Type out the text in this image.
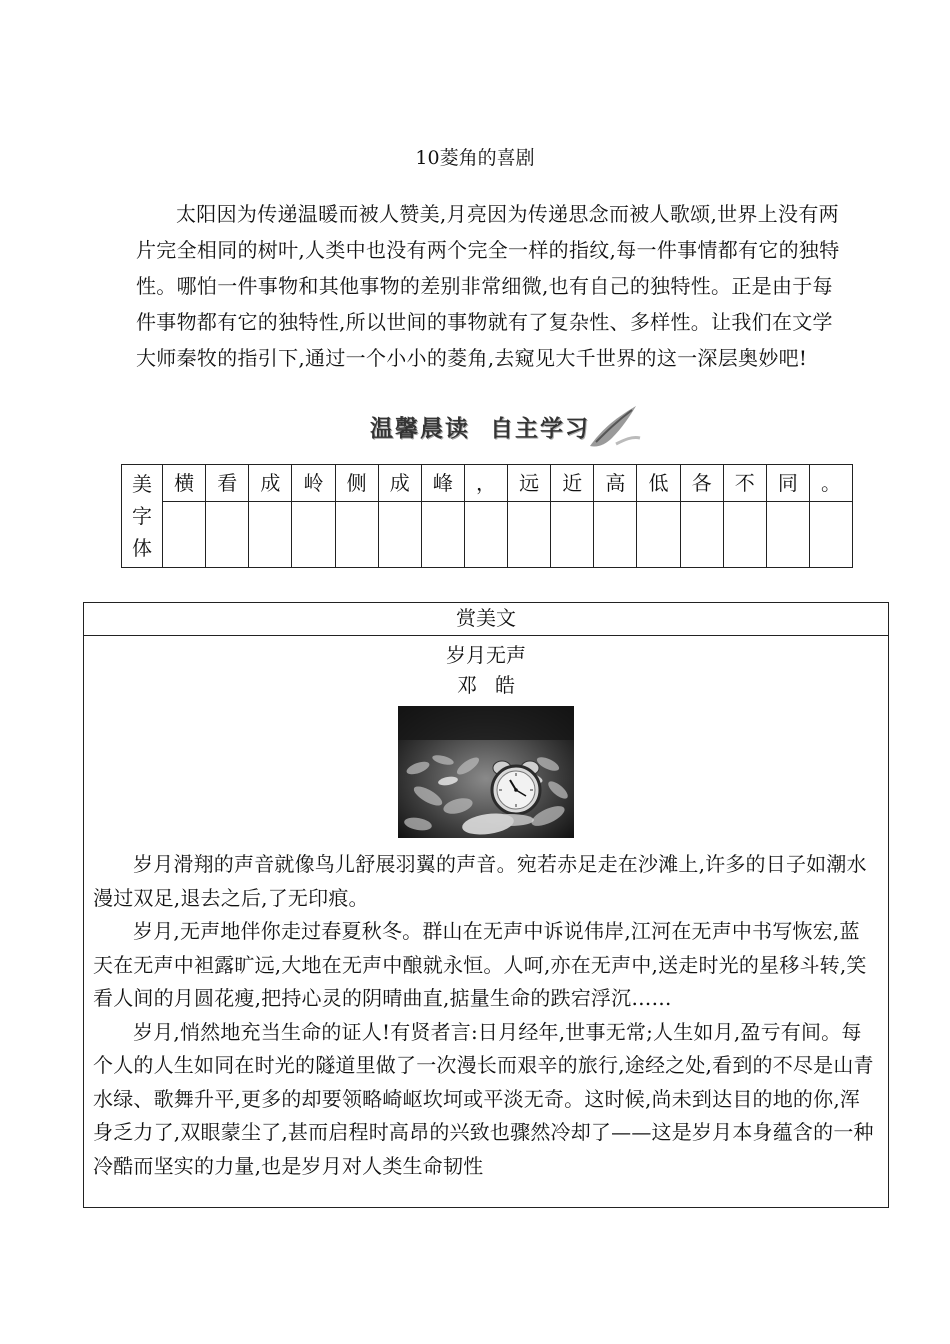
10菱角的喜剧

太阳因为传递温暖而被人赞美,月亮因为传递思念而被人歌颂,世界上没有两片完全相同的树叶,人类中也没有两个完全一样的指纹,每一件事情都有它的独特性。哪怕一件事物和其他事物的差别非常细微,也有自己的独特性。正是由于每件事物都有它的独特性,所以世间的事物就有了复杂性、多样性。让我们在文学大师秦牧的指引下,通过一个小小的菱角,去窥见大千世界的这一深层奥妙吧!

温馨晨读  自主学习
美
字
体	横	看	成	岭	侧	成	峰	，	远	近	高	低	各	不	同	。

赏美文
岁月无声
邓皓

岁月滑翔的声音就像鸟儿舒展羽翼的声音。宛若赤足走在沙滩上,许多的日子如潮水漫过双足,退去之后,了无印痕。

岁月,无声地伴你走过春夏秋冬。群山在无声中诉说伟岸,江河在无声中书写恢宏,蓝天在无声中袒露旷远,大地在无声中酿就永恒。人呵,亦在无声中,送走时光的星移斗转,笑看人间的月圆花瘦,把持心灵的阴晴曲直,掂量生命的跌宕浮沉……

岁月,悄然地充当生命的证人!有贤者言:日月经年,世事无常;人生如月,盈亏有间。每个人的人生如同在时光的隧道里做了一次漫长而艰辛的旅行,途经之处,看到的不尽是山青水绿、歌舞升平,更多的却要领略崎岖坎坷或平淡无奇。这时候,尚未到达目的地的你,浑身乏力了,双眼蒙尘了,甚而启程时高昂的兴致也骤然冷却了——这是岁月本身蕴含的一种冷酷而坚实的力量,也是岁月对人类生命韧性
